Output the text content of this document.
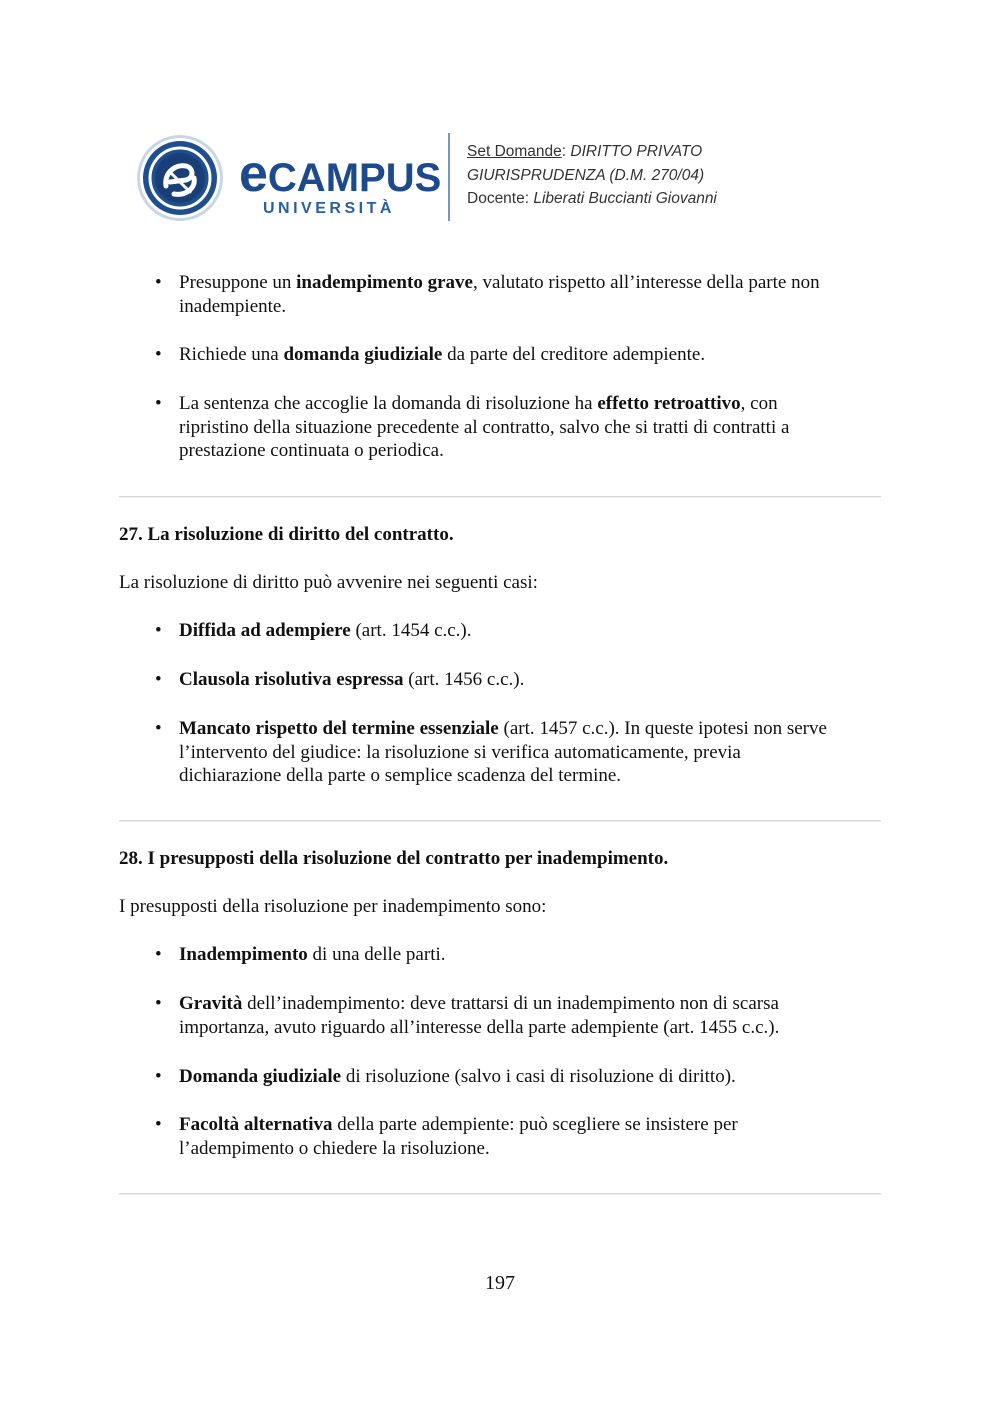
eCAMPUS
UNIVERSITÀ
Set Domande: DIRITTO PRIVATO
GIURISPRUDENZA (D.M. 270/04)
Docente: Liberati Buccianti Giovanni
• Presuppone un inadempimento grave, valutato rispetto all’interesse della parte non
inadempiente.
• Richiede una domanda giudiziale da parte del creditore adempiente.
• La sentenza che accoglie la domanda di risoluzione ha effetto retroattivo, con
ripristino della situazione precedente al contratto, salvo che si tratti di contratti a
prestazione continuata o periodica.
27. La risoluzione di diritto del contratto.
La risoluzione di diritto può avvenire nei seguenti casi:
• Diffida ad adempiere (art. 1454 c.c.).
• Clausola risolutiva espressa (art. 1456 c.c.).
• Mancato rispetto del termine essenziale (art. 1457 c.c.). In queste ipotesi non serve
l’intervento del giudice: la risoluzione si verifica automaticamente, previa
dichiarazione della parte o semplice scadenza del termine.
28. I presupposti della risoluzione del contratto per inadempimento.
I presupposti della risoluzione per inadempimento sono:
• Inadempimento di una delle parti.
• Gravità dell’inadempimento: deve trattarsi di un inadempimento non di scarsa
importanza, avuto riguardo all’interesse della parte adempiente (art. 1455 c.c.).
• Domanda giudiziale di risoluzione (salvo i casi di risoluzione di diritto).
• Facoltà alternativa della parte adempiente: può scegliere se insistere per
l’adempimento o chiedere la risoluzione.
197
